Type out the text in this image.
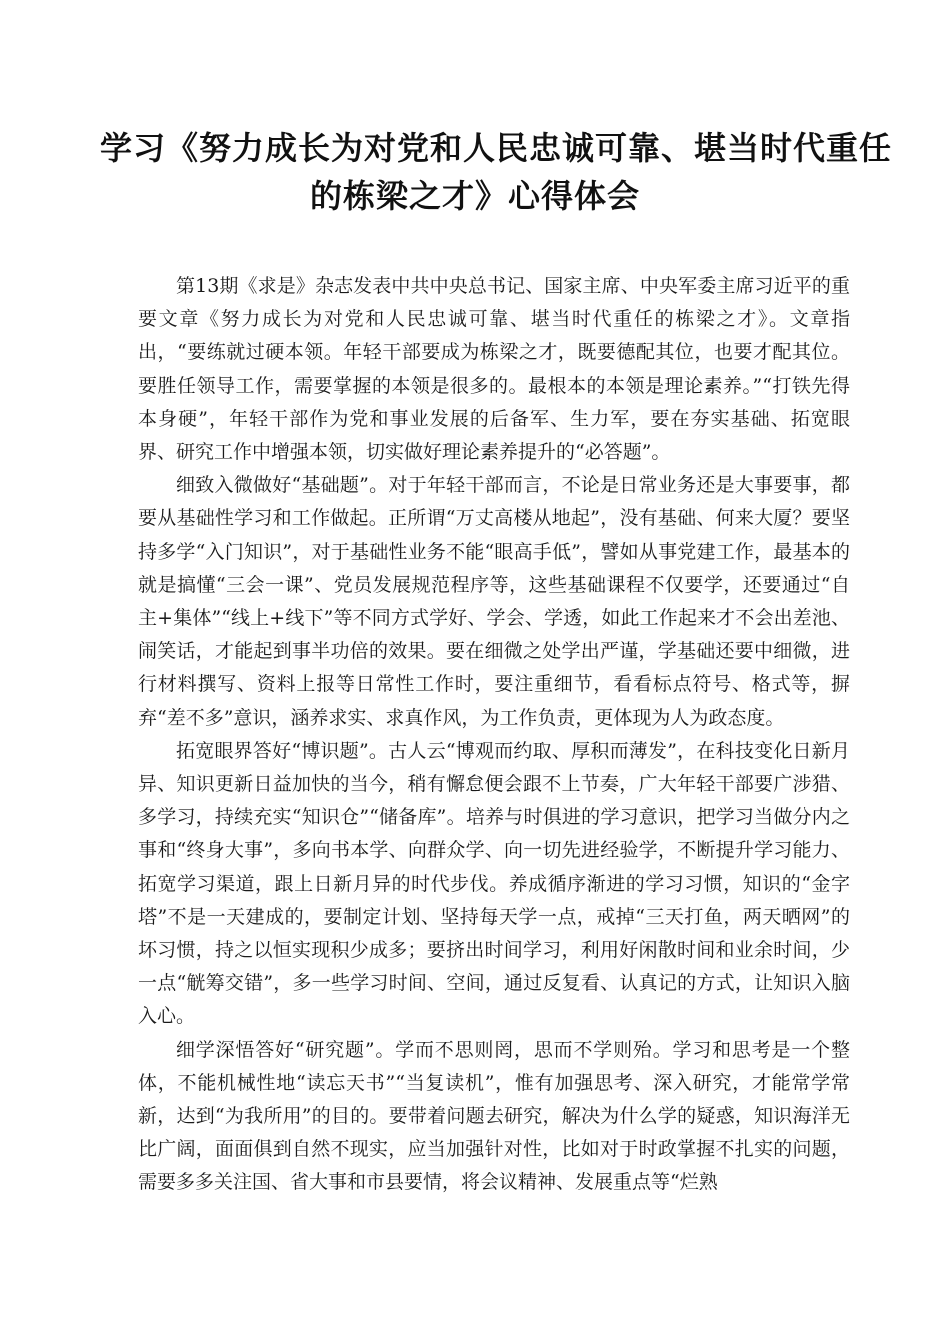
学习《努力成长为对党和人民忠诚可靠、堪当时代重任
的栋梁之才》心得体会

第13期《求是》杂志发表中共中央总书记、国家主席、中央军委主席习近平的重要文章《努力成长为对党和人民忠诚可靠、堪当时代重任的栋梁之才》。文章指出，“要练就过硬本领。年轻干部要成为栋梁之才，既要德配其位，也要才配其位。要胜任领导工作，需要掌握的本领是很多的。最根本的本领是理论素养。”“打铁先得本身硬”，年轻干部作为党和事业发展的后备军、生力军，要在夯实基础、拓宽眼界、研究工作中增强本领，切实做好理论素养提升的“必答题”。

细致入微做好“基础题”。对于年轻干部而言，不论是日常业务还是大事要事，都要从基础性学习和工作做起。正所谓“万丈高楼从地起”，没有基础、何来大厦？要坚持多学“入门知识”，对于基础性业务不能“眼高手低”，譬如从事党建工作，最基本的就是搞懂“三会一课”、党员发展规范程序等，这些基础课程不仅要学，还要通过“自主+集体”“线上+线下”等不同方式学好、学会、学透，如此工作起来才不会出差池、闹笑话，才能起到事半功倍的效果。要在细微之处学出严谨，学基础还要中细微，进行材料撰写、资料上报等日常性工作时，要注重细节，看看标点符号、格式等，摒弃“差不多”意识，涵养求实、求真作风，为工作负责，更体现为人为政态度。

拓宽眼界答好“博识题”。古人云“博观而约取、厚积而薄发”，在科技变化日新月异、知识更新日益加快的当今，稍有懈怠便会跟不上节奏，广大年轻干部要广涉猎、多学习，持续充实“知识仓”“储备库”。培养与时俱进的学习意识，把学习当做分内之事和“终身大事”，多向书本学、向群众学、向一切先进经验学，不断提升学习能力、拓宽学习渠道，跟上日新月异的时代步伐。养成循序渐进的学习习惯，知识的“金字塔”不是一天建成的，要制定计划、坚持每天学一点，戒掉“三天打鱼，两天晒网”的坏习惯，持之以恒实现积少成多；要挤出时间学习，利用好闲散时间和业余时间，少一点“觥筹交错”，多一些学习时间、空间，通过反复看、认真记的方式，让知识入脑入心。

细学深悟答好“研究题”。学而不思则罔，思而不学则殆。学习和思考是一个整体，不能机械性地“读忘天书”“当复读机”，惟有加强思考、深入研究，才能常学常新，达到“为我所用”的目的。要带着问题去研究，解决为什么学的疑惑，知识海洋无比广阔，面面俱到自然不现实，应当加强针对性，比如对于时政掌握不扎实的问题，需要多多关注国、省大事和市县要情，将会议精神、发展重点等“烂熟
